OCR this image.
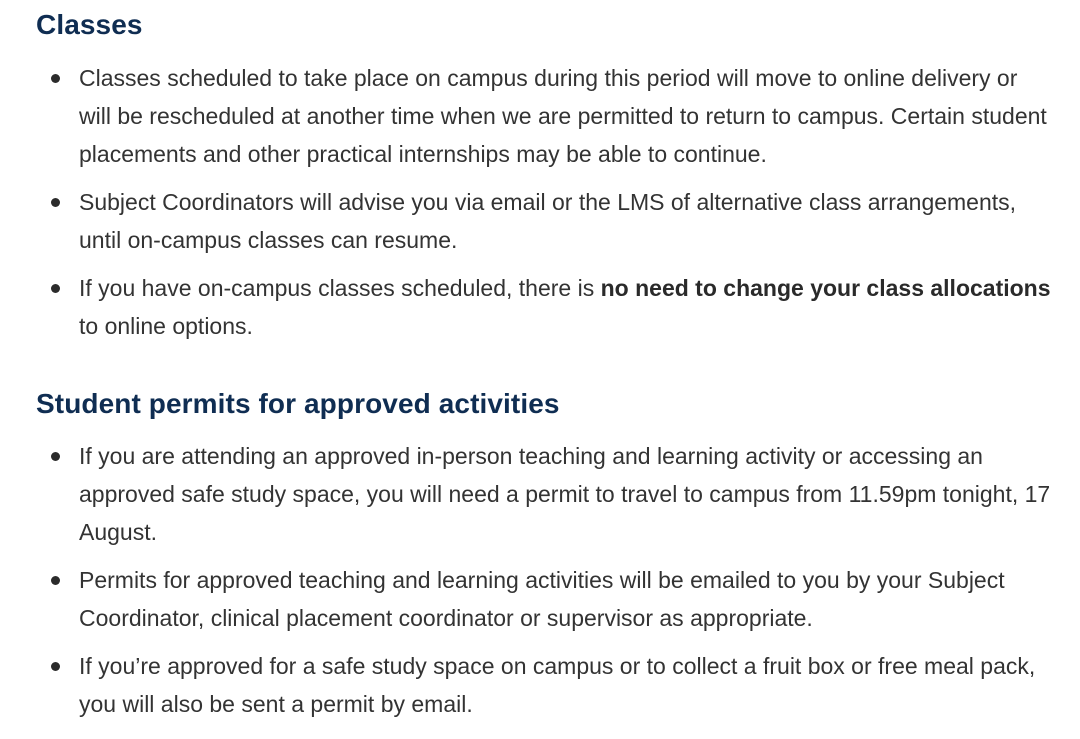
Classes
Classes scheduled to take place on campus during this period will move to online delivery or will be rescheduled at another time when we are permitted to return to campus. Certain student placements and other practical internships may be able to continue.
Subject Coordinators will advise you via email or the LMS of alternative class arrangements, until on-campus classes can resume.
If you have on-campus classes scheduled, there is no need to change your class allocations to online options.
Student permits for approved activities
If you are attending an approved in-person teaching and learning activity or accessing an approved safe study space, you will need a permit to travel to campus from 11.59pm tonight, 17 August.
Permits for approved teaching and learning activities will be emailed to you by your Subject Coordinator, clinical placement coordinator or supervisor as appropriate.
If you’re approved for a safe study space on campus or to collect a fruit box or free meal pack, you will also be sent a permit by email.
